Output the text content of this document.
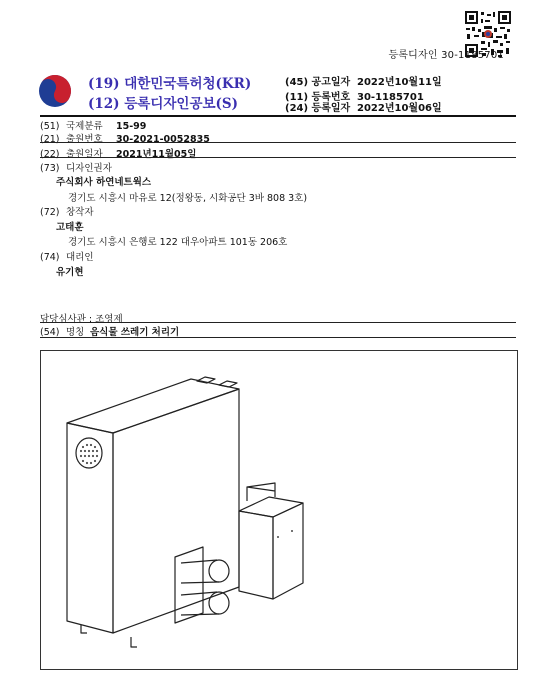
등록디자인 30-1185701
(19) 대한민국특허청(KR)
(12) 등록디자인공보(S)
(45) 공고일자 2022년10월11일
(11) 등록번호 30-1185701
(24) 등록일자 2022년10월06일
(51) 국제분류 15-99
(21) 출원번호 30-2021-0052835
(22) 출원일자 2021년11월05일
(73) 디자인권자
주식회사 하연네트웍스
경기도 시흥시 마유로 12(정왕동, 시화공단 3바 808 3호)
(72) 창작자
고태훈
경기도 시흥시 은행로 122 대우아파트 101동 206호
(74) 대리인
유기현
담당심사관 : 조영제
(54) 명칭 음식물 쓰레기 처리기
